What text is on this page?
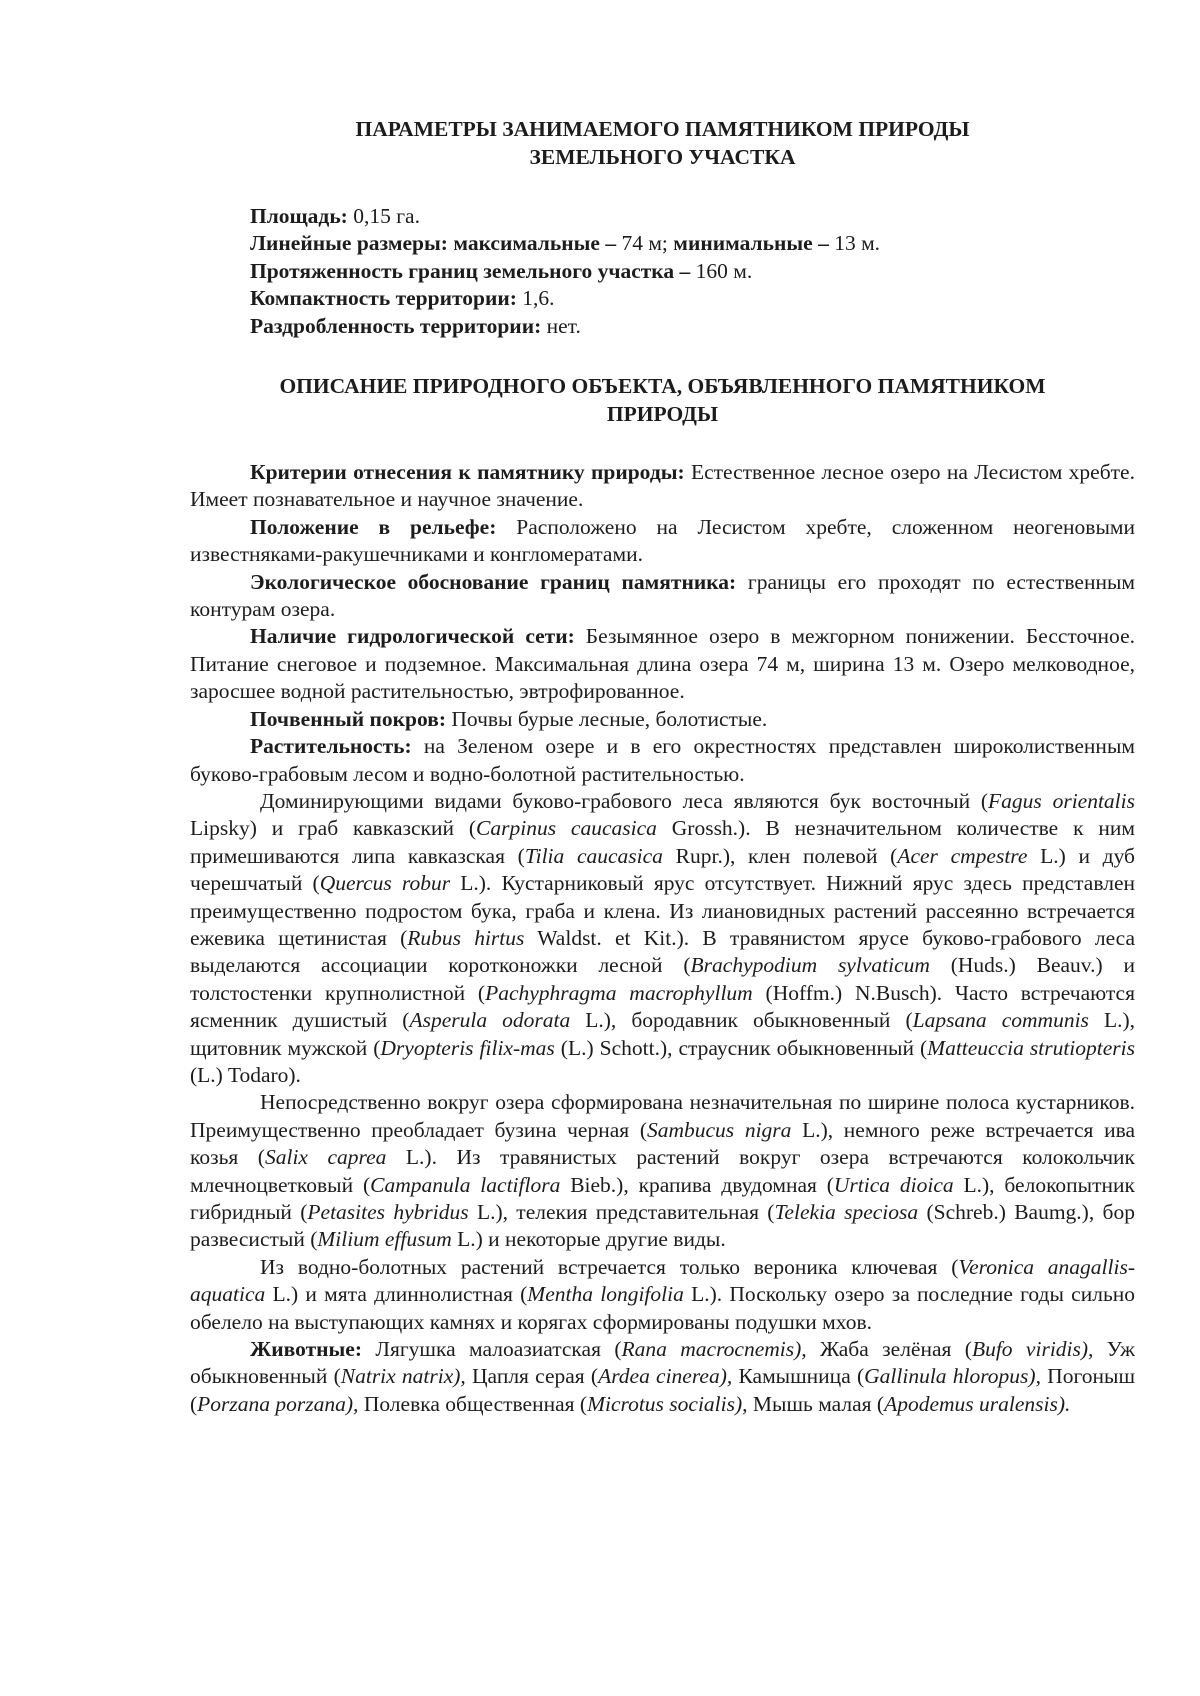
ПАРАМЕТРЫ ЗАНИМАЕМОГО ПАМЯТНИКОМ ПРИРОДЫ
ЗЕМЕЛЬНОГО УЧАСТКА
Площадь: 0,15 га.
Линейные размеры: максимальные – 74 м; минимальные – 13 м.
Протяженность границ земельного участка – 160 м.
Компактность территории: 1,6.
Раздробленность территории: нет.
ОПИСАНИЕ ПРИРОДНОГО ОБЪЕКТА, ОБЪЯВЛЕННОГО ПАМЯТНИКОМ
ПРИРОДЫ

Критерии отнесения к памятнику природы: Естественное лесное озеро на Лесистом хребте. Имеет познавательное и научное значение.

Положение в рельефе: Расположено на Лесистом хребте, сложенном неогеновыми известняками-ракушечниками и конгломератами.

Экологическое обоснование границ памятника: границы его проходят по естественным контурам озера.

Наличие гидрологической сети: Безымянное озеро в межгорном понижении. Бессточное. Питание снеговое и подземное. Максимальная длина озера 74 м, ширина 13 м. Озеро мелководное, заросшее водной растительностью, эвтрофированное.

Почвенный покров: Почвы бурые лесные, болотистые.

Растительность: на Зеленом озере и в его окрестностях представлен широколиственным буково-грабовым лесом и водно-болотной растительностью.

Доминирующими видами буково-грабового леса являются бук восточный (Fagus orientalis Lipsky) и граб кавказский (Carpinus caucasica Grossh.). В незначительном количестве к ним примешиваются липа кавказская (Tilia caucasica Rupr.), клен полевой (Acer cmpestre L.) и дуб черешчатый (Quercus robur L.). Кустарниковый ярус отсутствует. Нижний ярус здесь представлен преимущественно подростом бука, граба и клена. Из лиановидных растений рассеянно встречается ежевика щетинистая (Rubus hirtus Waldst. et Kit.). В травянистом ярусе буково-грабового леса выделаются ассоциации коротконожки лесной (Brachypodium sylvaticum (Huds.) Beauv.) и толстостенки крупнолистной (Pachyphragma macrophyllum (Hoffm.) N.Busch). Часто встречаются ясменник душистый (Asperula odorata L.), бородавник обыкновенный (Lapsana communis L.), щитовник мужской (Dryopteris filix-mas (L.) Schott.), страусник обыкновенный (Matteuccia strutiopteris (L.) Todaro).

Непосредственно вокруг озера сформирована незначительная по ширине полоса кустарников. Преимущественно преобладает бузина черная (Sambucus nigra L.), немного реже встречается ива козья (Salix caprea L.). Из травянистых растений вокруг озера встречаются колокольчик млечноцветковый (Campanula lactiflora Bieb.), крапива двудомная (Urtica dioica L.), белокопытник гибридный (Petasites hybridus L.), телекия представительная (Telekia speciosa (Schreb.) Baumg.), бор развесистый (Milium effusum L.) и некоторые другие виды.

Из водно-болотных растений встречается только вероника ключевая (Veronica anagallis-aquatica L.) и мята длиннолистная (Mentha longifolia L.). Поскольку озеро за последние годы сильно обелело на выступающих камнях и корягах сформированы подушки мхов.

Животные: Лягушка малоазиатская (Rana macrocnemis), Жаба зелёная (Bufo viridis), Уж обыкновенный (Natrix natrix), Цапля серая (Ardea cinerea), Камышница (Gallinula hloropus), Погоныш (Porzana porzana), Полевка общественная (Microtus socialis), Мышь малая (Apodemus uralensis).
